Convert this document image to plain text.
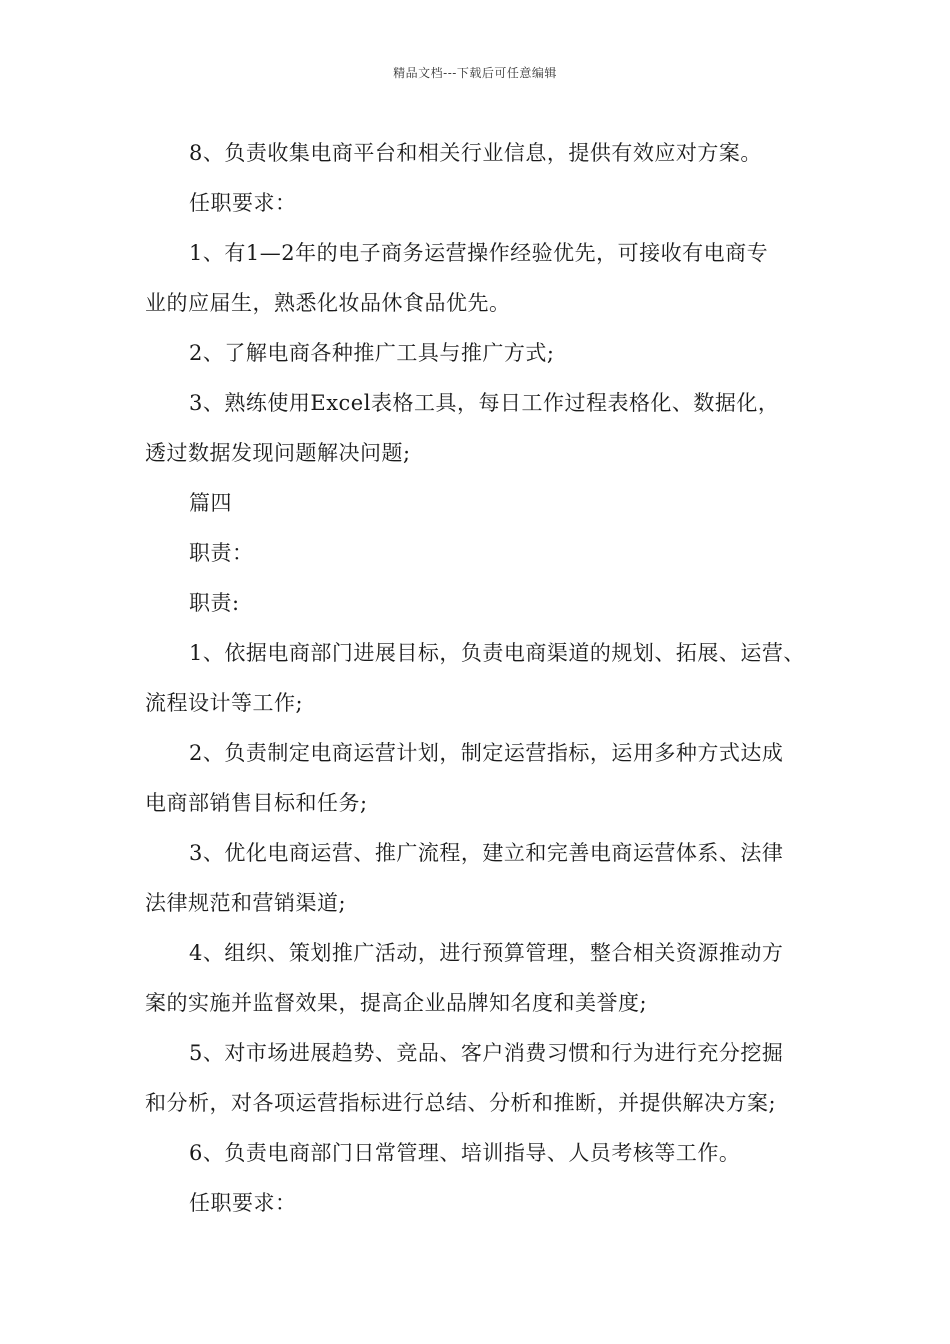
精品文档---下载后可任意编辑
8、负责收集电商平台和相关行业信息，提供有效应对方案。
任职要求：
1、有1—2年的电子商务运营操作经验优先，可接收有电商专
业的应届生，熟悉化妆品休食品优先。
2、了解电商各种推广工具与推广方式;
3、熟练使用Excel表格工具，每日工作过程表格化、数据化，
透过数据发现问题解决问题;
篇四
职责：
职责:
1、依据电商部门进展目标，负责电商渠道的规划、拓展、运营、
流程设计等工作;
2、负责制定电商运营计划，制定运营指标，运用多种方式达成
电商部销售目标和任务;
3、优化电商运营、推广流程，建立和完善电商运营体系、法律
法律规范和营销渠道;
4、组织、策划推广活动，进行预算管理，整合相关资源推动方
案的实施并监督效果，提高企业品牌知名度和美誉度;
5、对市场进展趋势、竞品、客户消费习惯和行为进行充分挖掘
和分析，对各项运营指标进行总结、分析和推断，并提供解决方案;
6、负责电商部门日常管理、培训指导、人员考核等工作。
任职要求：
